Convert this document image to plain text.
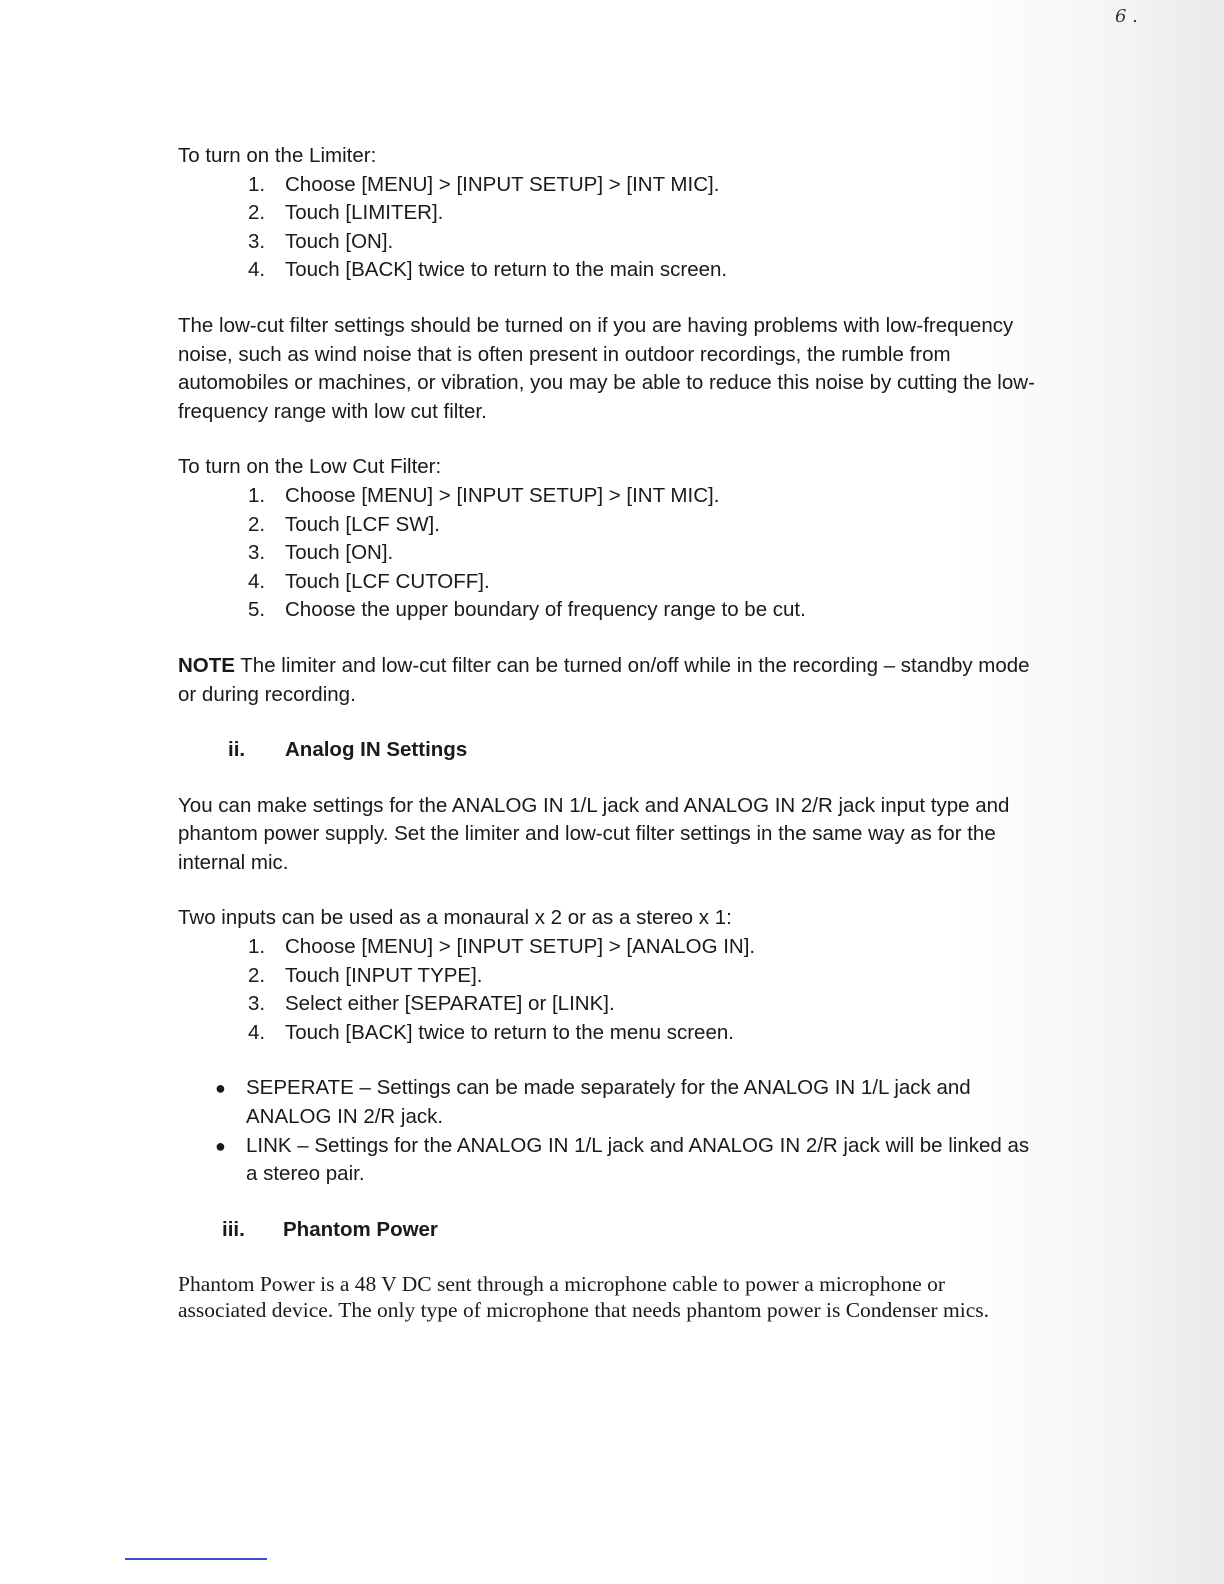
6 .

To turn on the Limiter:

1. Choose [MENU] > [INPUT SETUP] > [INT MIC].
2. Touch [LIMITER].
3. Touch [ON].
4. Touch [BACK] twice to return to the main screen.

The low-cut filter settings should be turned on if you are having problems with low-frequency noise, such as wind noise that is often present in outdoor recordings, the rumble from automobiles or machines, or vibration, you may be able to reduce this noise by cutting the low-frequency range with low cut filter.

To turn on the Low Cut Filter:

1. Choose [MENU] > [INPUT SETUP] > [INT MIC].
2. Touch [LCF SW].
3. Touch [ON].
4. Touch [LCF CUTOFF].
5. Choose the upper boundary of frequency range to be cut.

NOTE The limiter and low-cut filter can be turned on/off while in the recording – standby mode or during recording.

ii. Analog IN Settings

You can make settings for the ANALOG IN 1/L jack and ANALOG IN 2/R jack input type and phantom power supply. Set the limiter and low-cut filter settings in the same way as for the internal mic.

Two inputs can be used as a monaural x 2 or as a stereo x 1:

1. Choose [MENU] > [INPUT SETUP] > [ANALOG IN].
2. Touch [INPUT TYPE].
3. Select either [SEPARATE] or [LINK].
4. Touch [BACK] twice to return to the menu screen.
● SEPERATE – Settings can be made separately for the ANALOG IN 1/L jack and ANALOG IN 2/R jack.
● LINK – Settings for the ANALOG IN 1/L jack and ANALOG IN 2/R jack will be linked as a stereo pair.

iii. Phantom Power

Phantom Power is a 48 V DC sent through a microphone cable to power a microphone or associated device. The only type of microphone that needs phantom power is Condenser mics.
